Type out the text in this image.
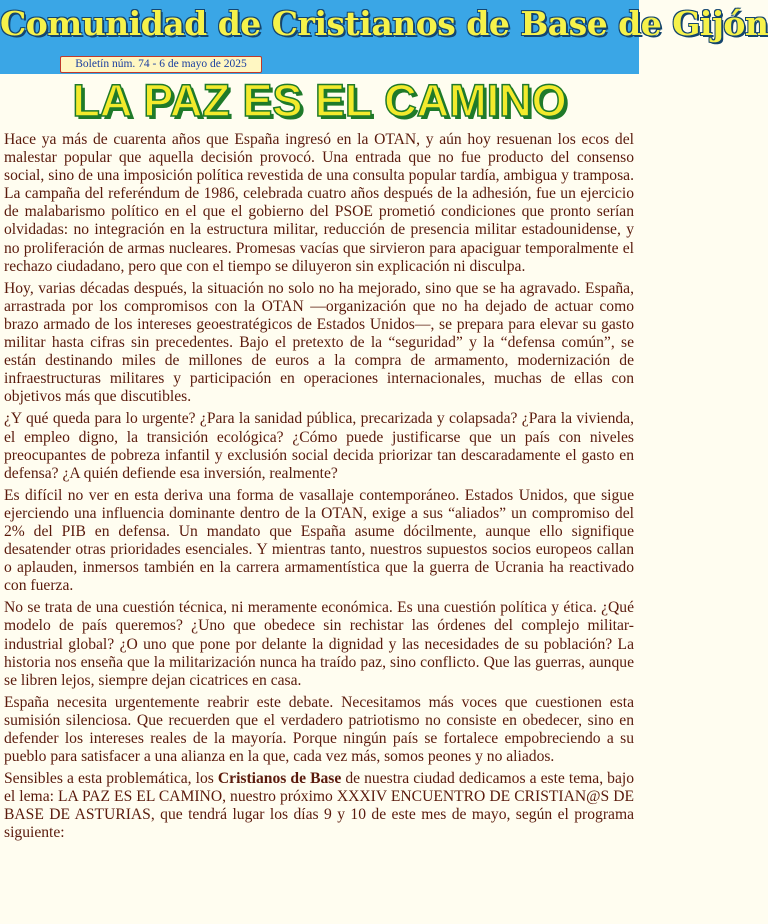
Comunidad de Cristianos de Base de Gijón
Boletín núm. 74 - 6 de mayo de 2025
LA PAZ ES EL CAMINO

Hace ya más de cuarenta años que España ingresó en la OTAN, y aún hoy resuenan los ecos del malestar popular que aquella decisión provocó. Una entrada que no fue producto del consenso social, sino de una imposición política revestida de una consulta popular tardía, ambigua y tramposa. La campaña del referéndum de 1986, celebrada cuatro años después de la adhesión, fue un ejercicio de malabarismo político en el que el gobierno del PSOE prometió condiciones que pronto serían olvidadas: no integración en la estructura militar, reducción de presencia militar estadounidense, y no proliferación de armas nucleares. Promesas vacías que sirvieron para apaciguar temporalmente el rechazo ciudadano, pero que con el tiempo se diluyeron sin explicación ni disculpa.

Hoy, varias décadas después, la situación no solo no ha mejorado, sino que se ha agravado. España, arrastrada por los compromisos con la OTAN —organización que no ha dejado de actuar como brazo armado de los intereses geoestratégicos de Estados Unidos—, se prepara para elevar su gasto militar hasta cifras sin precedentes. Bajo el pretexto de la “seguridad” y la “defensa común”, se están destinando miles de millones de euros a la compra de armamento, modernización de infraestructuras militares y participación en operaciones internacionales, muchas de ellas con objetivos más que discutibles.

¿Y qué queda para lo urgente? ¿Para la sanidad pública, precarizada y colapsada? ¿Para la vivienda, el empleo digno, la transición ecológica? ¿Cómo puede justificarse que un país con niveles preocupantes de pobreza infantil y exclusión social decida priorizar tan descaradamente el gasto en defensa? ¿A quién defiende esa inversión, realmente?

Es difícil no ver en esta deriva una forma de vasallaje contemporáneo. Estados Unidos, que sigue ejerciendo una influencia dominante dentro de la OTAN, exige a sus “aliados” un compromiso del 2% del PIB en defensa. Un mandato que España asume dócilmente, aunque ello signifique desatender otras prioridades esenciales. Y mientras tanto, nuestros supuestos socios europeos callan o aplauden, inmersos también en la carrera armamentística que la guerra de Ucrania ha reactivado con fuerza.

No se trata de una cuestión técnica, ni meramente económica. Es una cuestión política y ética. ¿Qué modelo de país queremos? ¿Uno que obedece sin rechistar las órdenes del complejo militar-industrial global? ¿O uno que pone por delante la dignidad y las necesidades de su población? La historia nos enseña que la militarización nunca ha traído paz, sino conflicto. Que las guerras, aunque se libren lejos, siempre dejan cicatrices en casa.

España necesita urgentemente reabrir este debate. Necesitamos más voces que cuestionen esta sumisión silenciosa. Que recuerden que el verdadero patriotismo no consiste en obedecer, sino en defender los intereses reales de la mayoría. Porque ningún país se fortalece empobreciendo a su pueblo para satisfacer a una alianza en la que, cada vez más, somos peones y no aliados.

Sensibles a esta problemática, los Cristianos de Base de nuestra ciudad dedicamos a este tema, bajo el lema: LA PAZ ES EL CAMINO, nuestro próximo XXXIV ENCUENTRO DE CRISTIAN@S DE BASE DE ASTURIAS, que tendrá lugar los días 9 y 10 de este mes de mayo, según el programa siguiente:
